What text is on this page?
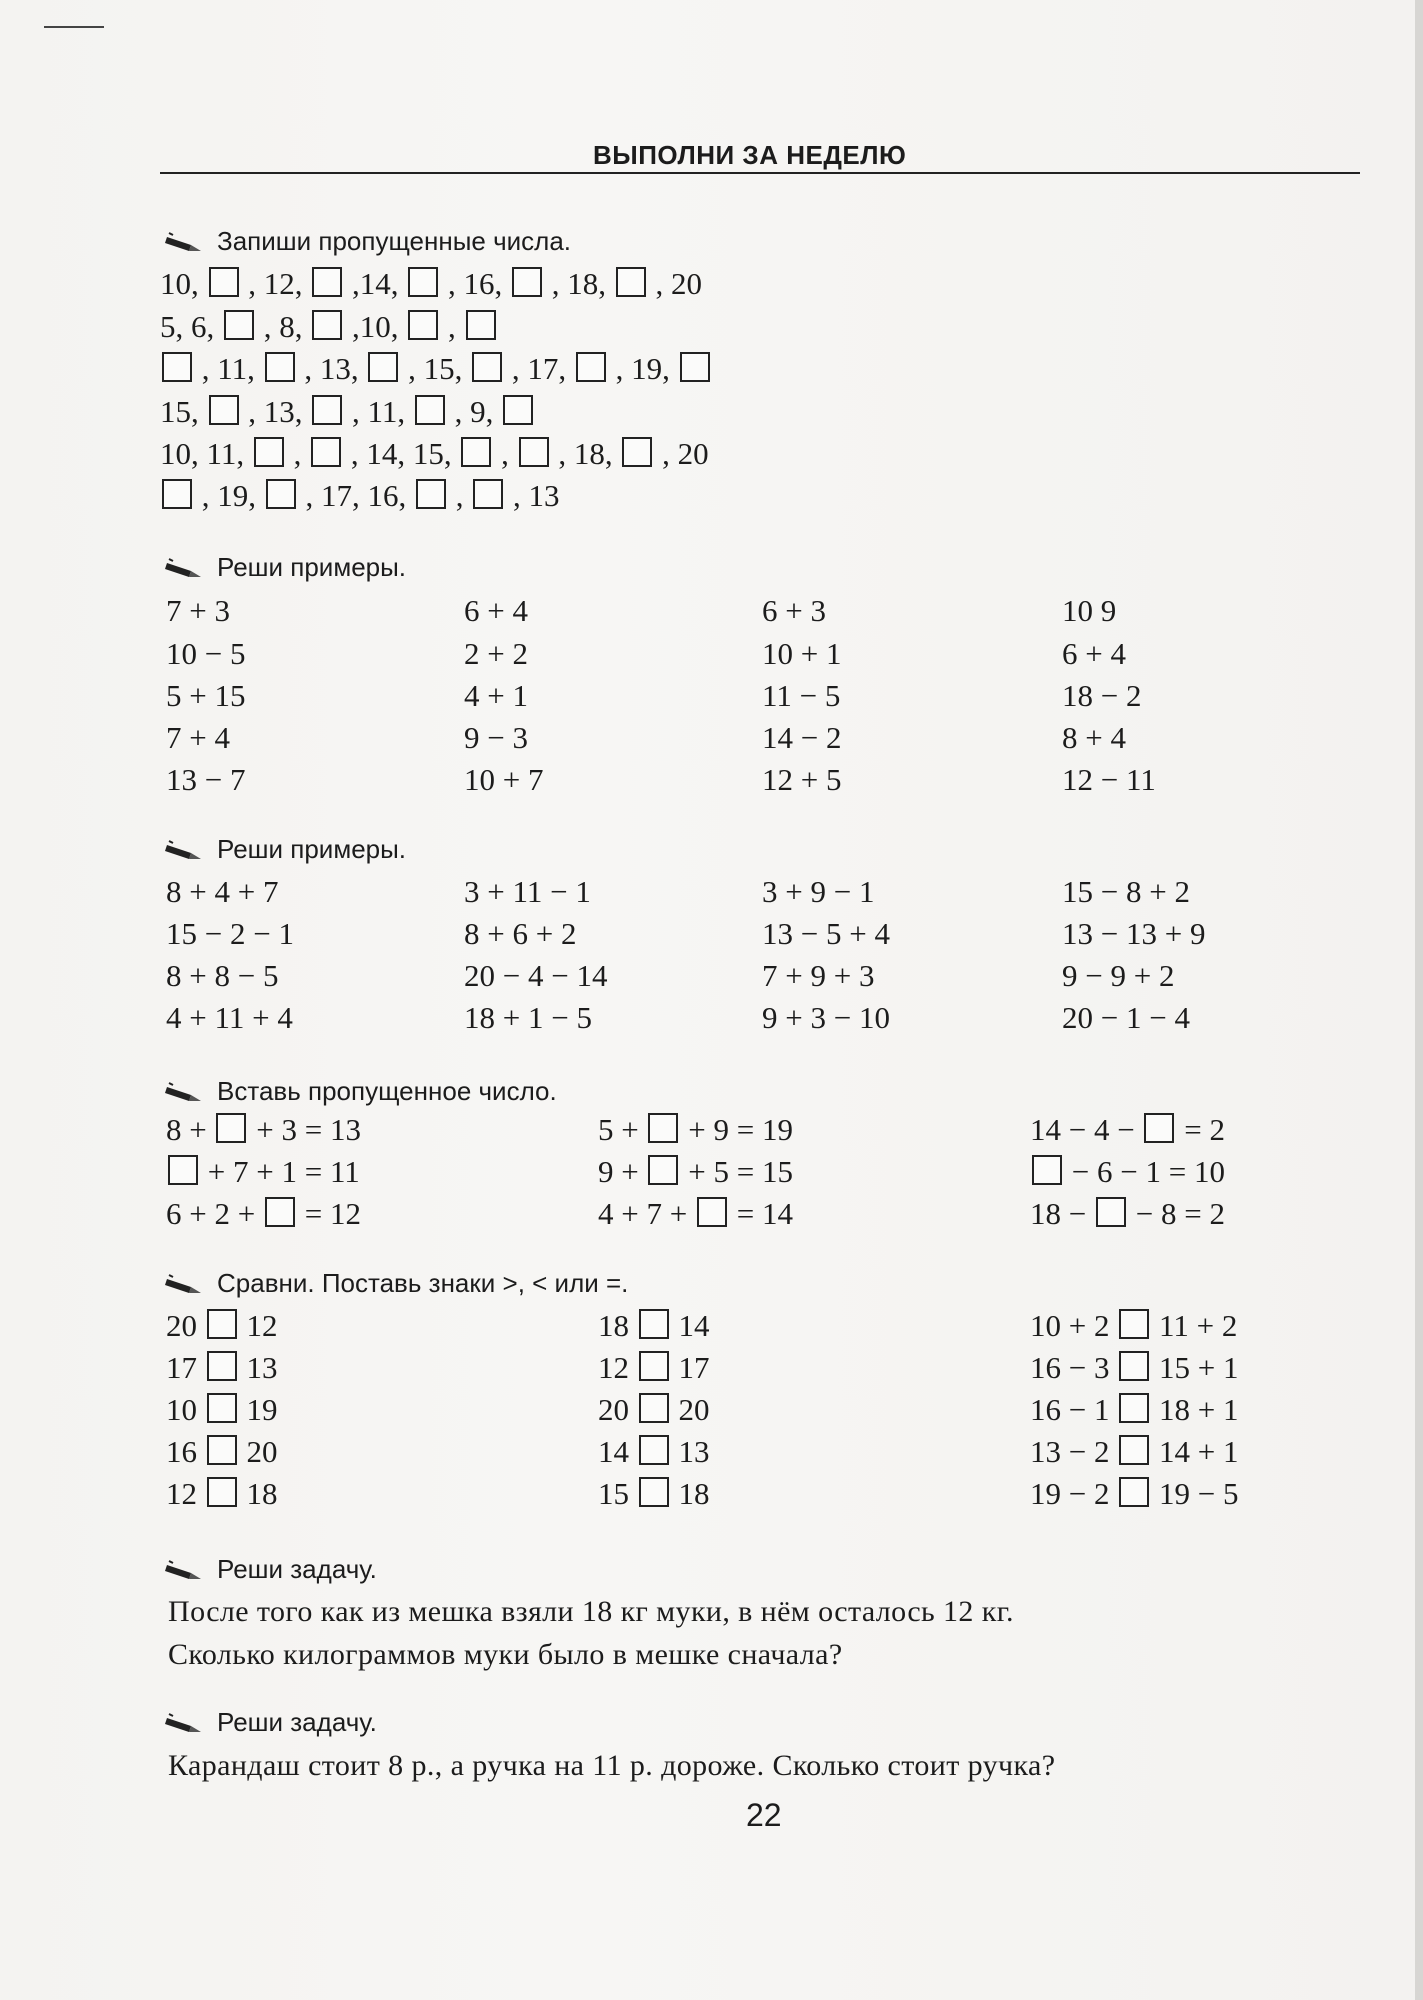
ВЫПОЛНИ ЗА НЕДЕЛЮ
Запиши пропущенные числа.
Реши примеры.
Реши примеры.
Вставь пропущенное число.
Сравни. Поставь знаки >, < или =.
Реши задачу.
Реши задачу.
После того как из мешка взяли 18 кг муки, в нём осталось 12 кг.
Сколько килограммов муки было в мешке сначала?
Карандаш стоит 8 р., а ручка на 11 р. дороже. Сколько стоит ручка?
22
10,  , 12,  ,14,  , 16,  , 18,  , 20
5, 6,  , 8,  ,10,  ,
, 11,  , 13,  , 15,  , 17,  , 19,
15,  , 13,  , 11,  , 9,
10, 11,  ,  , 14, 15,  ,  , 18,  , 20
, 19,  , 17, 16,  ,  , 13
7 + 3
10 − 5
5 + 15
7 + 4
13 − 7
6 + 4
2 + 2
4 + 1
9 − 3
10 + 7
6 + 3
10 + 1
11 − 5
14 − 2
12 + 5
10 9
6 + 4
18 − 2
8 + 4
12 − 11
8 + 4 + 7
15 − 2 − 1
8 + 8 − 5
4 + 11 + 4
3 + 11 − 1
8 + 6 + 2
20 − 4 − 14
18 + 1 − 5
3 + 9 − 1
13 − 5 + 4
7 + 9 + 3
9 + 3 − 10
15 − 8 + 2
13 − 13 + 9
9 − 9 + 2
20 − 1 − 4
8 +  + 3 = 13
+ 7 + 1 = 11
6 + 2 +  = 12
5 +  + 9 = 19
9 +  + 5 = 15
4 + 7 +  = 14
14 − 4 −  = 2
− 6 − 1 = 10
18 −  − 8 = 2
20  12
17  13
10  19
16  20
12  18
18  14
12  17
20  20
14  13
15  18
10 + 2  11 + 2
16 − 3  15 + 1
16 − 1  18 + 1
13 − 2  14 + 1
19 − 2  19 − 5
